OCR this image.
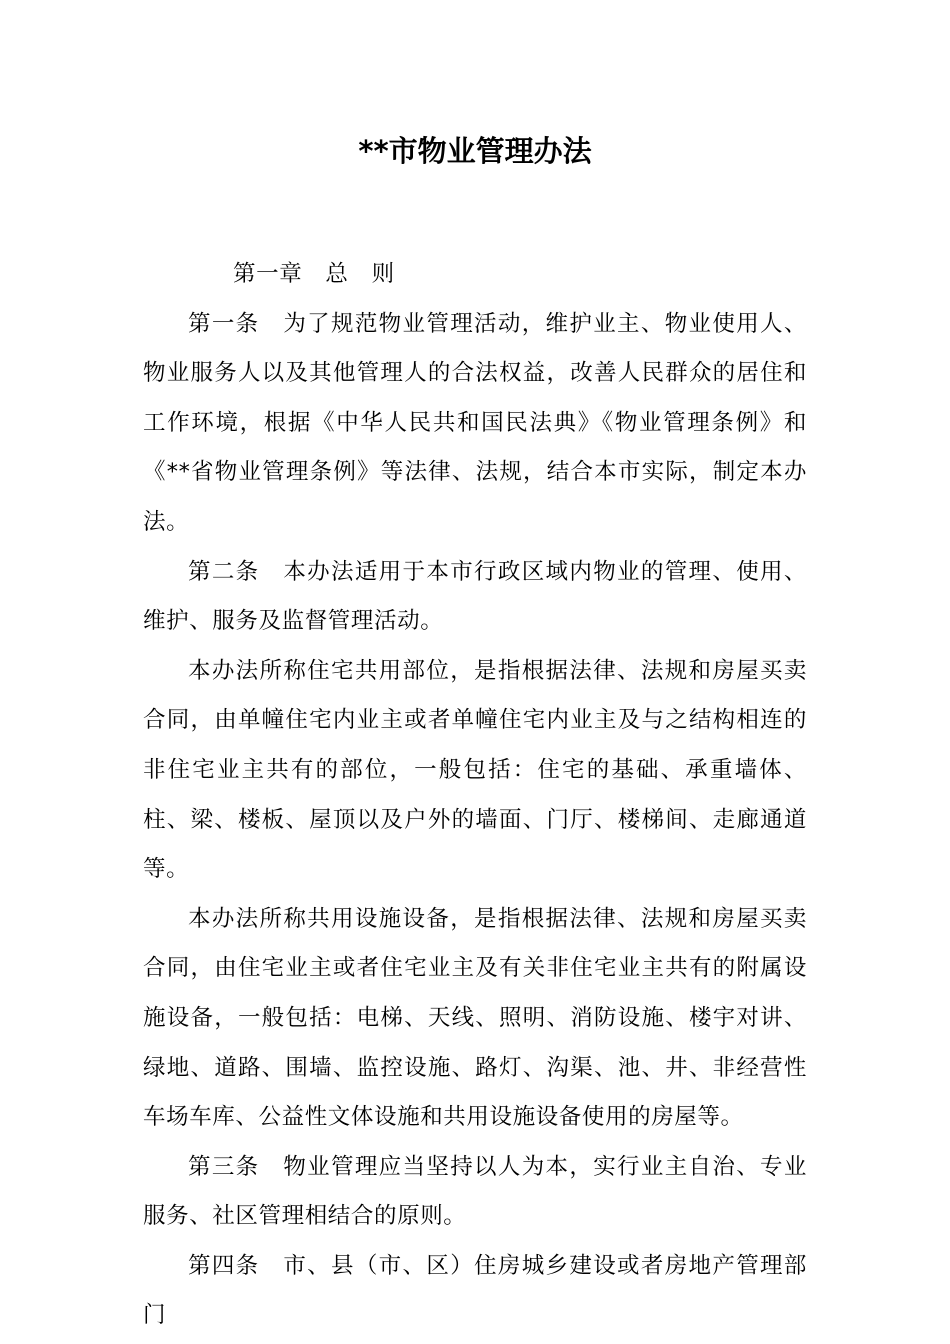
**市物业管理办法

第一章　总　则

第一条　为了规范物业管理活动，维护业主、物业使用人、物业服务人以及其他管理人的合法权益，改善人民群众的居住和工作环境，根据《中华人民共和国民法典》《物业管理条例》和《**省物业管理条例》等法律、法规，结合本市实际，制定本办法。

第二条　本办法适用于本市行政区域内物业的管理、使用、维护、服务及监督管理活动。

本办法所称住宅共用部位，是指根据法律、法规和房屋买卖合同，由单幢住宅内业主或者单幢住宅内业主及与之结构相连的非住宅业主共有的部位，一般包括：住宅的基础、承重墙体、柱、梁、楼板、屋顶以及户外的墙面、门厅、楼梯间、走廊通道等。

本办法所称共用设施设备，是指根据法律、法规和房屋买卖合同，由住宅业主或者住宅业主及有关非住宅业主共有的附属设施设备，一般包括：电梯、天线、照明、消防设施、楼宇对讲、绿地、道路、围墙、监控设施、路灯、沟渠、池、井、非经营性车场车库、公益性文体设施和共用设施设备使用的房屋等。

第三条　物业管理应当坚持以人为本，实行业主自治、专业服务、社区管理相结合的原则。

第四条　市、县（市、区）住房城乡建设或者房地产管理部门
